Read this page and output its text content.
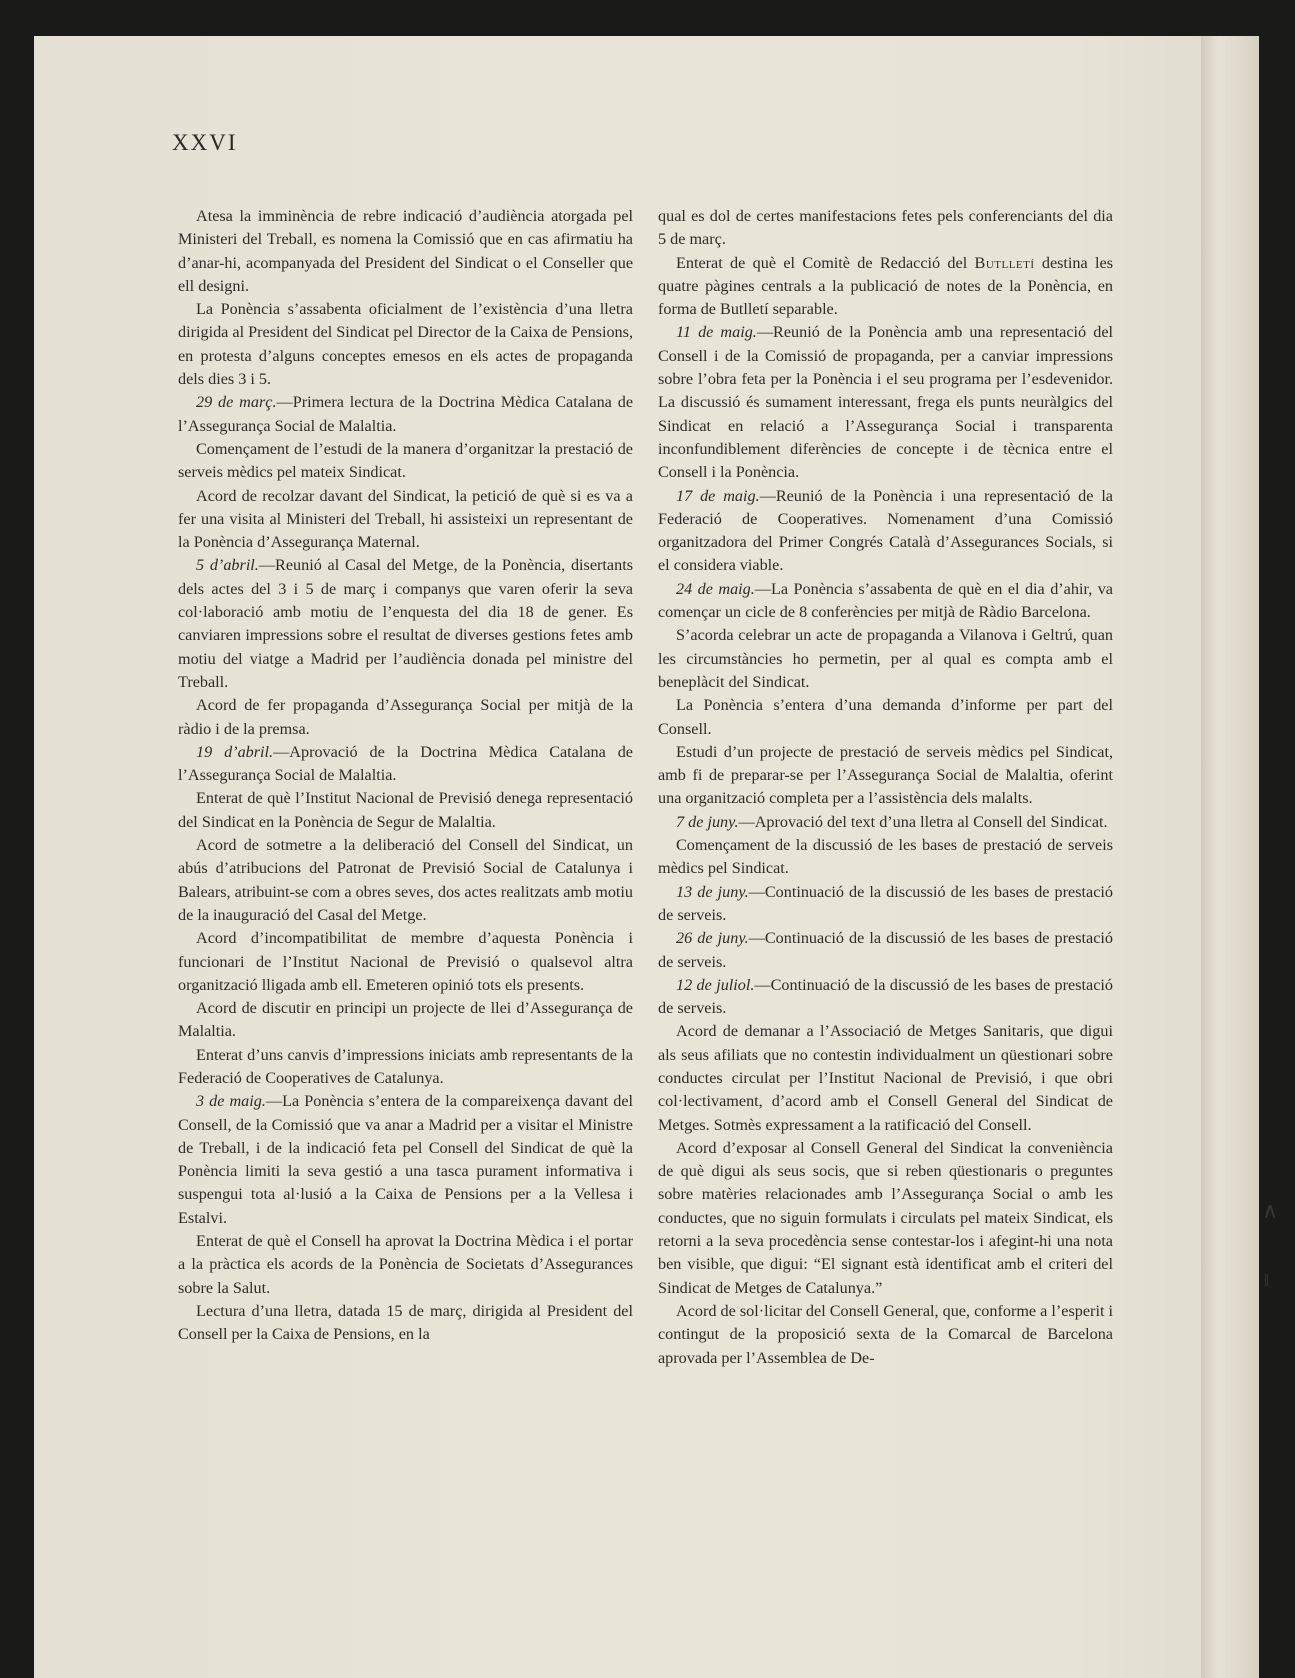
XXVI

Atesa la imminència de rebre indicació d’audiència atorgada pel Ministeri del Treball, es nomena la Comissió que en cas afirmatiu ha d’anar-hi, acompanyada del President del Sindicat o el Conseller que ell designi.

La Ponència s’assabenta oficialment de l’existència d’una lletra dirigida al President del Sindicat pel Director de la Caixa de Pensions, en protesta d’alguns conceptes emesos en els actes de propaganda dels dies 3 i 5.

29 de març.—Primera lectura de la Doctrina Mèdica Catalana de l’Assegurança Social de Malaltia.

Començament de l’estudi de la manera d’organitzar la prestació de serveis mèdics pel mateix Sindicat.

Acord de recolzar davant del Sindicat, la petició de què si es va a fer una visita al Ministeri del Treball, hi assisteixi un representant de la Ponència d’Assegurança Maternal.

5 d’abril.—Reunió al Casal del Metge, de la Ponència, disertants dels actes del 3 i 5 de març i companys que varen oferir la seva col·laboració amb motiu de l’enquesta del dia 18 de gener. Es canviaren impressions sobre el resultat de diverses gestions fetes amb motiu del viatge a Madrid per l’audiència donada pel ministre del Treball.

Acord de fer propaganda d’Assegurança Social per mitjà de la ràdio i de la premsa.

19 d’abril.—Aprovació de la Doctrina Mèdica Catalana de l’Assegurança Social de Malaltia.

Enterat de què l’Institut Nacional de Previsió denega representació del Sindicat en la Ponència de Segur de Malaltia.

Acord de sotmetre a la deliberació del Consell del Sindicat, un abús d’atribucions del Patronat de Previsió Social de Catalunya i Balears, atribuint-se com a obres seves, dos actes realitzats amb motiu de la inauguració del Casal del Metge.

Acord d’incompatibilitat de membre d’aquesta Ponència i funcionari de l’Institut Nacional de Previsió o qualsevol altra organització lligada amb ell. Emeteren opinió tots els presents.

Acord de discutir en principi un projecte de llei d’Assegurança de Malaltia.

Enterat d’uns canvis d’impressions iniciats amb representants de la Federació de Cooperatives de Catalunya.

3 de maig.—La Ponència s’entera de la compareixença davant del Consell, de la Comissió que va anar a Madrid per a visitar el Ministre de Treball, i de la indicació feta pel Consell del Sindicat de què la Ponència limiti la seva gestió a una tasca purament informativa i suspengui tota al·lusió a la Caixa de Pensions per a la Vellesa i Estalvi.

Enterat de què el Consell ha aprovat la Doctrina Mèdica i el portar a la pràctica els acords de la Ponència de Societats d’Assegurances sobre la Salut.

Lectura d’una lletra, datada 15 de març, dirigida al President del Consell per la Caixa de Pensions, en la

qual es dol de certes manifestacions fetes pels conferenciants del dia 5 de març.

Enterat de què el Comitè de Redacció del Butlletí destina les quatre pàgines centrals a la publicació de notes de la Ponència, en forma de Butlletí separable.

11 de maig.—Reunió de la Ponència amb una representació del Consell i de la Comissió de propaganda, per a canviar impressions sobre l’obra feta per la Ponència i el seu programa per l’esdevenidor. La discussió és sumament interessant, frega els punts neuràlgics del Sindicat en relació a l’Assegurança Social i transparenta inconfundiblement diferències de concepte i de tècnica entre el Consell i la Ponència.

17 de maig.—Reunió de la Ponència i una representació de la Federació de Cooperatives. Nomenament d’una Comissió organitzadora del Primer Congrés Català d’Assegurances Socials, si el considera viable.

24 de maig.—La Ponència s’assabenta de què en el dia d’ahir, va començar un cicle de 8 conferències per mitjà de Ràdio Barcelona.

S’acorda celebrar un acte de propaganda a Vilanova i Geltrú, quan les circumstàncies ho permetin, per al qual es compta amb el beneplàcit del Sindicat.

La Ponència s’entera d’una demanda d’informe per part del Consell.

Estudi d’un projecte de prestació de serveis mèdics pel Sindicat, amb fi de preparar-se per l’Assegurança Social de Malaltia, oferint una organització completa per a l’assistència dels malalts.

7 de juny.—Aprovació del text d’una lletra al Consell del Sindicat.

Començament de la discussió de les bases de prestació de serveis mèdics pel Sindicat.

13 de juny.—Continuació de la discussió de les bases de prestació de serveis.

26 de juny.—Continuació de la discussió de les bases de prestació de serveis.

12 de juliol.—Continuació de la discussió de les bases de prestació de serveis.

Acord de demanar a l’Associació de Metges Sanitaris, que digui als seus afiliats que no contestin individualment un qüestionari sobre conductes circulat per l’Institut Nacional de Previsió, i que obri col·lectivament, d’acord amb el Consell General del Sindicat de Metges. Sotmès expressament a la ratificació del Consell.

Acord d’exposar al Consell General del Sindicat la conveniència de què digui als seus socis, que si reben qüestionaris o preguntes sobre matèries relacionades amb l’Assegurança Social o amb les conductes, que no siguin formulats i circulats pel mateix Sindicat, els retorni a la seva procedència sense contestar-los i afegint-hi una nota ben visible, que digui: “El signant està identificat amb el criteri del Sindicat de Metges de Catalunya.”

Acord de sol·licitar del Consell General, que, conforme a l’esperit i contingut de la proposició sexta de la Comarcal de Barcelona aprovada per l’Assemblea de De-

∧
‖
